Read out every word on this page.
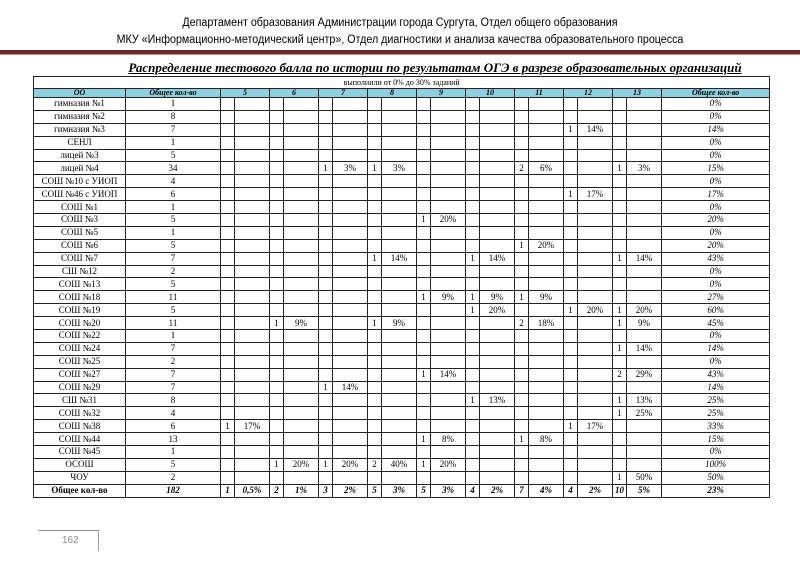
Департамент образования Администрации города Сургута, Отдел общего образования
МКУ «Информационно-методический центр», Отдел диагностики и анализа качества образовательного процесса
Распределение тестового балла по истории по результатам ОГЭ в разрезе образовательных организаций
выполнили от 0% до 30% заданий																				
ОО	Общее кол-во	5		6		7		8		9		10		11		12		13		Общее кол-во
гимназия №1	1																			0%
гимназия №2	8																			0%
гимназия №3	7															1	14%			14%
СЕНЛ	1																			0%
лицей №3	5																			0%
лицей №4	34					1	3%	1	3%					2	6%			1	3%	15%
СОШ №10 с УИОП	4																			0%
СОШ №46 с УИОП	6															1	17%			17%
СОШ №1	1																			0%
СОШ №3	5									1	20%									20%
СОШ №5	1																			0%
СОШ №6	5													1	20%					20%
СОШ №7	7							1	14%			1	14%					1	14%	43%
СШ №12	2																			0%
СОШ №13	5																			0%
СОШ №18	11									1	9%	1	9%	1	9%					27%
СОШ №19	5											1	20%			1	20%	1	20%	60%
СОШ №20	11			1	9%			1	9%					2	18%			1	9%	45%
СОШ №22	1																			0%
СОШ №24	7																	1	14%	14%
СОШ №25	2																			0%
СОШ №27	7									1	14%							2	29%	43%
СОШ №29	7					1	14%													14%
СШ №31	8											1	13%					1	13%	25%
СОШ №32	4																	1	25%	25%
СОШ №38	6	1	17%													1	17%			33%
СОШ №44	13									1	8%			1	8%					15%
СОШ №45	1																			0%
ОСОШ	5			1	20%	1	20%	2	40%	1	20%									100%
ЧОУ	2																	1	50%	50%
Общее кол-во	182	1	0,5%	2	1%	3	2%	5	3%	5	3%	4	2%	7	4%	4	2%	10	5%	23%
162
